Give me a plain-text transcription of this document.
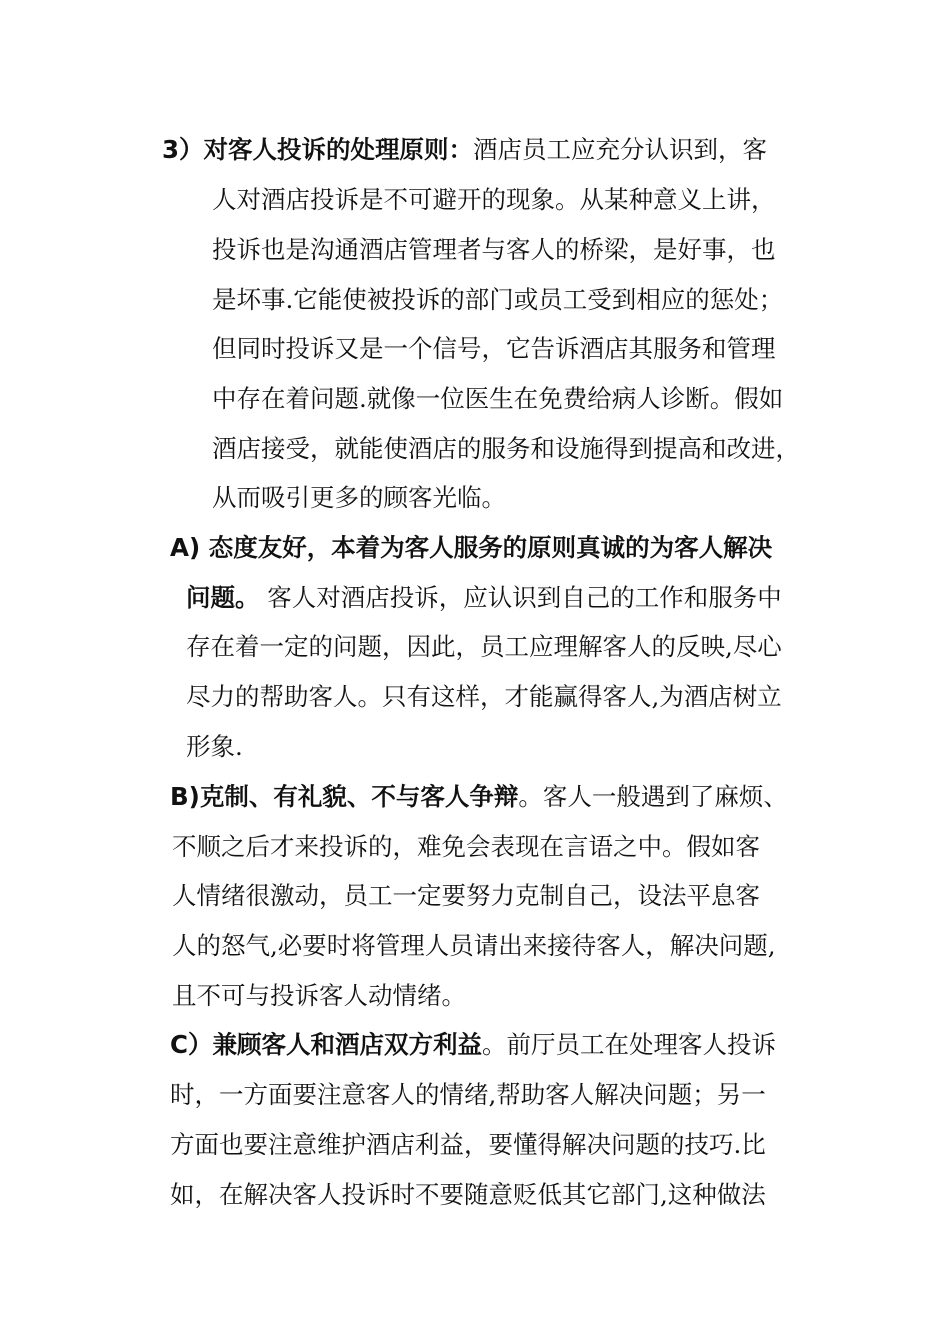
3）对客人投诉的处理原则：酒店员工应充分认识到，客
人对酒店投诉是不可避开的现象。从某种意义上讲，
投诉也是沟通酒店管理者与客人的桥梁，是好事，也
是坏事.它能使被投诉的部门或员工受到相应的惩处；
但同时投诉又是一个信号，它告诉酒店其服务和管理
中存在着问题.就像一位医生在免费给病人诊断。假如
酒店接受，就能使酒店的服务和设施得到提高和改进，
从而吸引更多的顾客光临。
A) 态度友好，本着为客人服务的原则真诚的为客人解决
问题。 客人对酒店投诉，应认识到自己的工作和服务中
存在着一定的问题，因此，员工应理解客人的反映,尽心
尽力的帮助客人。只有这样，才能赢得客人,为酒店树立
形象.
B)克制、有礼貌、不与客人争辩。客人一般遇到了麻烦、
不顺之后才来投诉的，难免会表现在言语之中。假如客
人情绪很激动，员工一定要努力克制自己，设法平息客
人的怒气,必要时将管理人员请出来接待客人，解决问题,
且不可与投诉客人动情绪。
C）兼顾客人和酒店双方利益。前厅员工在处理客人投诉
时，一方面要注意客人的情绪,帮助客人解决问题；另一
方面也要注意维护酒店利益，要懂得解决问题的技巧.比
如，在解决客人投诉时不要随意贬低其它部门,这种做法
